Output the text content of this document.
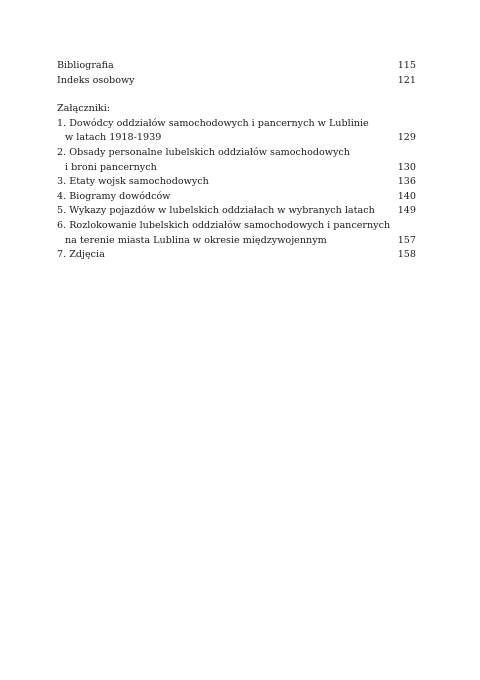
Bibliografia	115
Indeks osobowy	121
Załączniki:
1. Dowódcy oddziałów samochodowych i pancernych w Lublinie
w latach 1918-1939	129
2. Obsady personalne lubelskich oddziałów samochodowych
i broni pancernych	130
3. Etaty wojsk samochodowych	136
4. Biogramy dowódców	140
5. Wykazy pojazdów w lubelskich oddziałach w wybranych latach 149
6. Rozlokowanie lubelskich oddziałów samochodowych i pancernych
na terenie miasta Lublina w okresie międzywojennym	157
7. Zdjęcia	158
